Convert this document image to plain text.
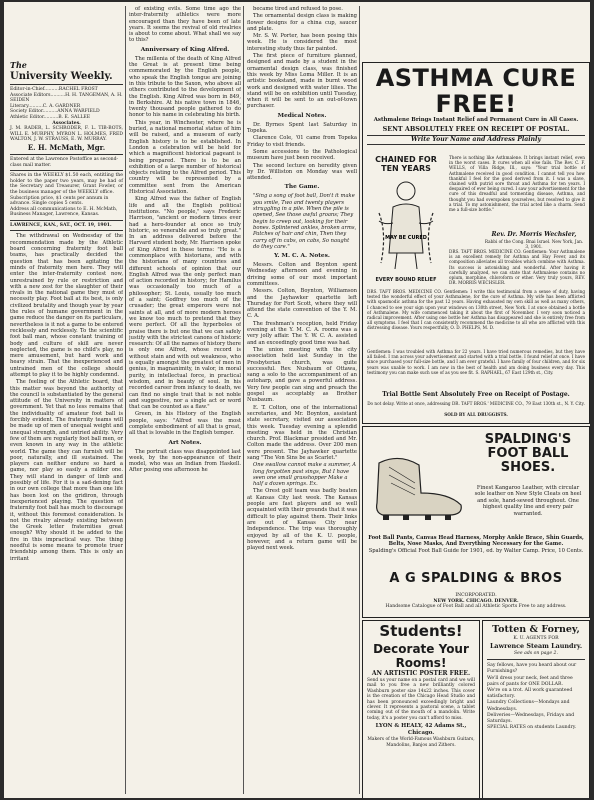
The
University Weekly.
Editor-in-Chief..........RACHEL FROST
Associate Editors..........H. H. TANGEMAN, A. H. SEIDEN
Literary..........C. A. GARDNER
Society Editor..........ANNA WARFIELD
Athletic Editor..........B. E. SALLEE
Associates.
J. M. RADER, L. SCHRODER, F. L. TIB-BOTS, WILL E. MURPHY, MYRON L. HOLMES, FRED WALTON, J. W. STRAUSS, E. W. MURRAY.
E. H. McMath, Mgr.
Entered at the Lawrence Postoffice as second-class mail matter.
Shares in the WEEKLY $1.50 each, entitling the holder to the paper two years, may be had of the Secretary and Treasurer, Grant Fowler, or the business manager of the WEEKLY office.
Subscription price, $1 cents per annum in advance. Single copies 5 cents.
Address all communications to E. H. McMath, Business Manager, Lawrence, Kansas.
LAWRENCE, KAN., SAT., OCT. 19, 1901.

The withdrawal on Wednesday of the recommendation made by the Athletic board concerning fraternity foot ball teams, has practically decided the question that has been agitating the minds of fraternity men here. They will enter the inter-fraternity contest now, unrestrained by rule or restriction and with a new zest for the slaughter of their rivals in the national game they must of necessity play. Foot ball at its best, is only civilized brutality and though year by year the rules of humane government in the game reduce the danger on its particulars, nevertheless is it not a game to be entered recklessly and recklessly. To the scientific foot ball man, whose constant training of body and culture of skill are never neglected, the game is no child's play, no mere amusement, but hard work and heavy strain. That the inexperienced and untrained men of the college should attempt to play it to be highly condemnd.

The feeling of the Athletic board, that this matter was beyond the authority of the council is substantiated by the general attitude of the University in matters of government. Yet that no less remains that the individuality of amateur foot ball is forcibly evident. The fraternity teams will be made up of men of unequal weight and unequal strength, and untried ability. Very few of them are regularly foot ball men, or even known in any way in the athletic world. The game they can furnish will be poor, naturally, and ill sustained. The players can neither endure so hard a game, nor play so easily a milder one. They will stand in danger of limb and possibly of life. For it is a sad-dening fact in our own college that more than one life has been lost on the gridiron, through inexperienced playing. The question of fraternity foot ball has much to discourage it, without this foremost consideration. Is not the rivalry already existing between the Greek letter fraternities great enough? Why should it be added to the fire in this impractical way. The thing needful is some means to promote truer friendship among them. This is only an irritant

of existing evils. Some time ago the inter-fraternity athletics were more encouraged than they have been of late years. It seems the revival of old rivalries is about to come about. What shall we say to this?

Anniversary of King Alfred.

The millenia of the death of King Alfred the Great is at present time being commemorated by the English people, who speak the English tongue are joining in this tribute to the Saxon, who above all others contributed to the development of the English. King Alfred was born in 849, in Berkshire. At his native town in 1846, twenty thousand people gathered to do honor to his name in celebrating his birth.

This year, in Winchester, where he is buried, a national memorial statue of him will be raised, and a museum of early English history is to be established. In London a celebration will be held for which a magnificent historical pageant is being prepared. There is to be an exhibition of a large number of historical objects relating to the Alfred period. This country will be represented by a committee sent from the American Historical Association.

King Alfred was the father of English life and all the English political institutions. "No people," says Frederic Harrison, "ancient or modern times ever had a hero-founder at once so truly historic, so venerable and so truly great." In an address delivered before the Harvard student body, Mr. Harrison spoke of King Alfred in these terms: "He is a commonplace with historians, and with the historians of many countries and different schools of opinion that our English Alfred was the only perfect man of action recorded in history; for Hamilus was occasionally too much of a philosopher; St. Louis, usually too much of a saint; Godfrey too much of the crusader; the great emperors were not saints at all, and of more modern heroes we know too much to pretend that they were perfect. Of all the hyperboles of praise there is but one that we can safely justify with the strictest canons of historic research: Of all the names of history there is only one Alfred, whose record is without stain and with out weakness, who is equally amongst the greatest of men in genius, in magnanimity, in valor, in moral purity, in intellectual force, in practical wisdom, and in beauty of soul. In his recorded career from infancy to death, we can find no single trait that is not noble and suggestive, nor a single act or word that can be counted as a flaw."

Green, in his History of the English people, says: "Alfred was the most complete embodiment of all that is great, all that is lovable in the English temper.

Art Notes.

The portrait class was disappointed last week, by the non-appearance of their model, who was an Indian from Haskell. After posing one afternoon he

became tired and refused to pose.

The ornamental design class is making flower designs for a china cup, saucer and plate.

Mr. S. W. Porter, has been posing this week. He is considered the most interesting study thus far painted.

The first piece of furniture planned, designed and made by a student in the ornamental design class, was finished this week by Miss Loma Miller. It is an artistic bookstand, made in burnt wood work and designed with water lilies. The stand will be on exhibition until Tuesday, when it will be sent to an out-of-town purchaser.

Medical Notes.

Dr. Byrnes Spent last Saturday in Topeka.

Clarence Cole, '01 came from Topeka Friday to visit friends.

Some accessions to the Pathological museum have just been received.

The second lecture on heredity given by Dr. Williston on Monday was well attended.

The Game.

"Sing a song of foot ball, Don't it make you smile, Two and twenty players struggling in a pile. When the pile is opened, See those awful groans; They begin to creep out, looking for their bones. Splintered ankles, broken arms, Patches of hair and chin, Then they carry off in cabs, on cabs, So naught do they care."

Y. M. C. A. Notes.

Messrs. Colton and Boynton spent Wednesday afternoon and evening in driving some of our most important committees.

Messrs. Colton, Boynton, Williamson and the Jayhawker quartette left Thursday for Fort Scott, where they will attend the state convention of the Y. M. C. A.

The freshman's reception, held Friday evening at the Y. M. C. A. rooms was a very jolly affair. The Y. W. C. A. assisted and an exceedingly good time was had.

The union meeting with the city association held last Sunday in the Presbyterian church, was quite successful. Rev. Nusbaum of Ottawa, sang a solo to the accompaniment of an autoharp, and gave a powerful address. Very few people can sing and preach the gospel as acceptably as Brother Nusbaum.

E. T. Colton, one of the international secretaries, and Mr. Boynton, assistant state secretary, visited our association this week. Tuesday evening a splendid meeting was held in the Christian church. Prof. Blackmar presided and Mr. Colton made the address. Over 200 men were present. The Jayhawker quartette sang "The Von Sins be as Scarlet."

One swallow cannot make a summer, A long forgotten past sings, But I have seen one small grasshopper Make a half a dozen springs. Ex.

The Orest golf team was badly beaten at Kansas City last week. The Kansas people are fast players and so well acquainted with their grounds that it was difficult to play against them. Their links are out of Kansas City near Independence. The trip was thoroughly enjoyed by all of the K. U. people, however, and a return game will be played next week.

ASTHMA CURE FREE!
Asthmalene Brings Instant Relief and Permanent Cure in All Cases.
SENT ABSOLUTELY FREE ON RECEIPT OF POSTAL.
Write Your Name and Address Plainly
CHAINED FOR TEN YEARS
MAY BE CURED
EVERY BOUND RELIEF
There is nothing like Asthmalene. It brings instant relief, even in the worst cases. It cures when all else fails. The Rev. C. F. WELLS, of Villa Ridge, Ill., says: "Your trial bottle of Asthmalene received in good condition. I cannot tell you how thankful I feel for the good derived from it. I was a slave, chained with putrid sore throat and Asthma for ten years. I despaired of ever being cured. I saw your advertisement for the cure of this dreadful and tormenting disease, Asthma, and thought you had overspoken yourselves, but resolved to give it a trial. To my astonishment, the trial acted like a charm. Send me a full-size bottle."
Rev. Dr. Morris Wechsler,
Rabbi of the Cong. Bnai Israel. New York, Jan. 3, 1901.
DRS. TAFT BROS. MEDICINE CO. Gentlemen: Your Asthmalene is an excellent remedy for Asthma and Hay Fever, and its composition alleviates all troubles which combine with Asthma. Its success is astonishing and wonderful. After having it carefully analyzed, we can state that Asthmalene contains no opium, morphine, chloroform or ether. Very truly yours, REV. DR. MORRIS WECHSLER.
DRS. TAFT BROS. MEDICINE CO. Gentlemen: I write this testimonial from a sense of duty, having tested the wonderful effect of your Asthmalene, for the cure of Asthma. My wife has been afflicted with spasmodic asthma for the past 12 years. Having exhausted my own skill as well as many others, I chanced to see your sign upon your windows on 130th street, New York. I at once obtained a bottle of Asthmalene. My wife commenced taking it about the first of November. I very soon noticed a radical improvement. After using one bottle her Asthma has disappeared and she is entirely free from all symptoms. I feel that I can consistently recommend the medicine to all who are afflicted with this distressing disease. Yours respectfully, O. D. PHELPS, M. D.
Gentlemen: I was troubled with Asthma for 22 years. I have tried numerous remedies, but they have all failed. I ran across your advertisement and started with a trial bottle. I found relief at once. I have since purchased your full-size bottle, and I am ever grateful. I have family of four children, and for six years was unable to work. I am now in the best of health and am doing business every day. This testimony you can make such use of as you see fit. S. RAPHAEL, 67 East 129th st., City.
Trial Bottle Sent Absolutely Free on Receipt of Postage.
Do not delay. Write at once, addressing DR. TAFT BROS.' MEDICINE CO., 79 East 130th st., N. Y. City.
SOLD BY ALL DRUGGISTS.
SPALDING'S FOOT BALL SHOES.
Finest Kangaroo Leather, with circular sole leather on New Style Cleats on heel and sole, hand-sewed throughout. One highest quality line and every pair warranted.
Foot Ball Pants, Canvas Head Harness, Morphy Ankle Brace, Shin Guards, Belts, Nose Masks, And Everything Necessary for the Game.
Spalding's Official Foot Ball Guide for 1901, ed. by Walter Camp. Price, 10 Cents.
A G SPALDING & BROS
INCORPORATED.
NEW YORK. CHICAGO. DENVER.
Handsome Catalogue of Foot Ball and all Athletic Sports Free to any address.
Students!
Decorate Your Rooms!
AN ARTISTIC POSTER FREE.
Send us your name on a postal card and we will mail to you free a new brilliantly colored Washburn poster size 14x22 inches. This cover is the creation of the Chicago Head Studio and has been pronounced exceedingly bright and clever. It represents a pastoral scene, a tablet coming out of the mouth of a mandolin. Write today, it's a poster you can't afford to miss.
LYON & HEALY, 42 Adams St., Chicago.
Makers of the World-Famous Washburn Guitars, Mandolins, Banjos and Zithers.
Totten & Forney,
K. U. AGENTS FOR
Lawrence Steam Laundry.
See ads on page 2.
Say fellows, have you heard about our Furnishings?
We'll dress your neck, feet and three pairs of pants for ONE DOLLAR.
We're on a trot. All work guaranteed satisfactory.
Laundry Collections—Mondays and Wednesdays.
Deliveries—Wednesdays, Fridays and Saturdays.
SPECIAL RATES on students Laundry.
